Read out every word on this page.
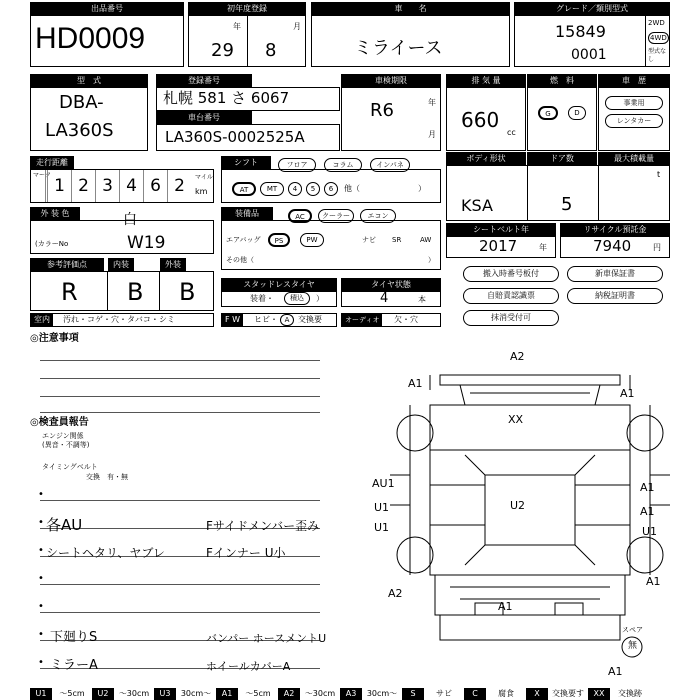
出品番号
HD0009
初年度登録
年	月
29 8
車　　名
ミライース
グレード／類別型式
15849
0001
2WD
4WD
型式なし
型　式
DBA-
LA360S
登録番号
札幌 581 さ 6067
車検期限
車台番号
LA360S-0002525A
R6	年
月
排 気 量
660
cc
燃　料
G	D
車　歴
事業用
レンタカー
走行距離
マーク
1 2 3 4 6 2	マイル
km
シフト	フロア	コラム	インパネ
AT	MT	4	5	6	他（	）
ボディ形状	ドア数	最大積載量
KSA	5
t
外 装 色	白
(カラーNo	W19
装備品	AC	クーラー	エコン
エアバッグ	PS	PW	ナビ SR	AW
その他（	）
シートベルト年	リサイクル預託金
2017	年	7940	円
参考評価点	内装	外装
R B B	スタッドレスタイヤ
装着・	積込	）
タイヤ状態
4	本
搬入時番号板付	新車保証書
自賠責認識票	納税証明書
抹消受付可
室内	汚れ・コゲ・穴・タバコ・シミ	F W	ヒビ・ A	交換要	オーディオ	欠・穴
◎注意事項
◎検査員報告
エンジン関係
(異音・不調等)
タイミングベルト
交換　有・無
•
•
•
•
•
•
•
各AU	Fサイドメンバー歪み
シートヘタリ、ヤブレ	Fインナー U小
下廻りS	バンパー ホースメントU
ミラーA	ホイールカバーA
A2
A1
A1
XX
AU1	A1
U1	U2	A1
U1	U1
A1
A2
A1
A1
スペア
無
U1	～5cm	U2	～30cm	U3	30cm～	A1	～5cm	A2	～30cm	A3	30cm～	S	サビ	C	腐食	X	交換要す	XX	交換跡
